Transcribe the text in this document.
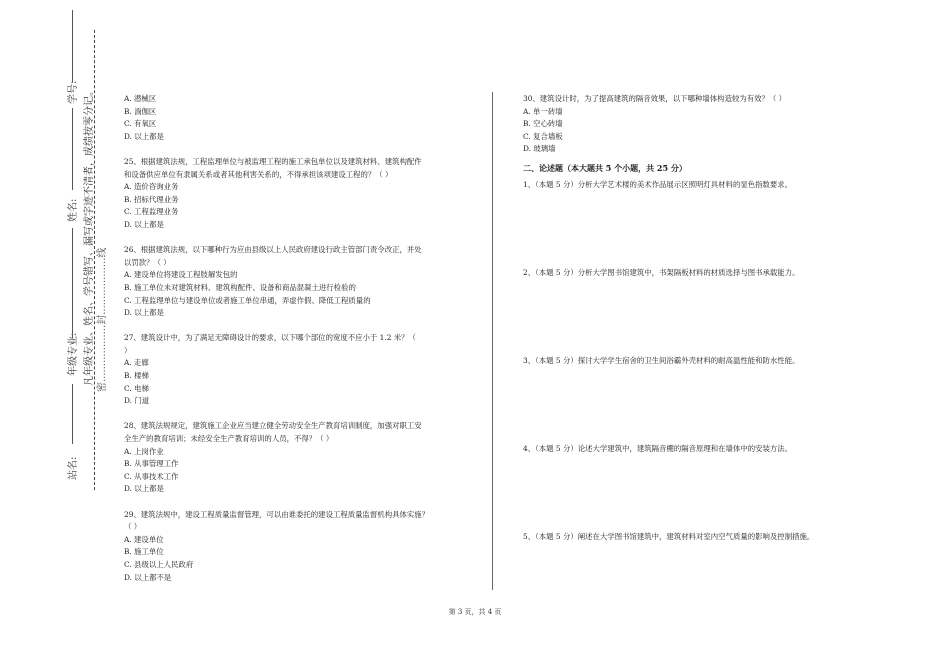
学号:
姓名:
年级专业:
站名:
凡年级专业、姓名、学号错写、漏写或字迹不清者，成绩按零分记。 密..................封..................线
A. 潜械区
B. 淌伽区
C. 有氧区
D. 以上都是
25、根据建筑法规，工程监理单位与被监理工程的施工承包单位以及建筑材料、建筑构配件
和设备供应单位有隶属关系或者其他利害关系的，不得承担该项建设工程的？（ ）
A. 造价咨询业务
B. 招标代理业务
C. 工程监理业务
D. 以上都是
26、根据建筑法规，以下哪种行为应由县级以上人民政府建设行政主管部门责令改正，并处
以罚款？（ ）
A. 建设单位将建设工程肢解发包的
B. 施工单位未对建筑材料、建筑构配件、设备和商品混凝土进行检验的
C. 工程监理单位与建设单位或者施工单位串通，弄虚作假、降低工程质量的
D. 以上都是
27、建筑设计中，为了满足无障碍设计的要求，以下哪个部位的宽度不应小于 1.2 米？（
）
A. 走廊
B. 楼梯
C. 电梯
D. 门道
28、建筑法规规定，建筑施工企业应当建立健全劳动安全生产教育培训制度，加强对职工安
全生产的教育培训；未经安全生产教育培训的人员，不得？（ ）
A. 上岗作业
B. 从事管理工作
C. 从事技术工作
D. 以上都是
29、建筑法规中，建设工程质量监督管理，可以由谁委托的建设工程质量监督机构具体实施？
（ ）
A. 建设单位
B. 施工单位
C. 县级以上人民政府
D. 以上都不是
30、建筑设计时，为了提高建筑的隔音效果，以下哪种墙体构造较为有效？（ ）
A. 单一砖墙
B. 空心砖墙
C. 复合墙板
D. 玻璃墙
二、论述题（本大题共 5 个小题，共 25 分）
1、（本题 5 分）分析大学艺术楼的美术作品展示区照明灯具材料的显色指数要求。
2、（本题 5 分）分析大学图书馆建筑中，书架隔板材料的材质选择与图书承载能力。
3、（本题 5 分）探讨大学学生宿舍的卫生间浴霸外壳材料的耐高温性能和防水性能。
4、（本题 5 分）论述大学建筑中，建筑隔音棚的隔音原理和在墙体中的安装方法。
5、（本题 5 分）阐述在大学图书馆建筑中，建筑材料对室内空气质量的影响及控制措施。
第 3 页，共 4 页
